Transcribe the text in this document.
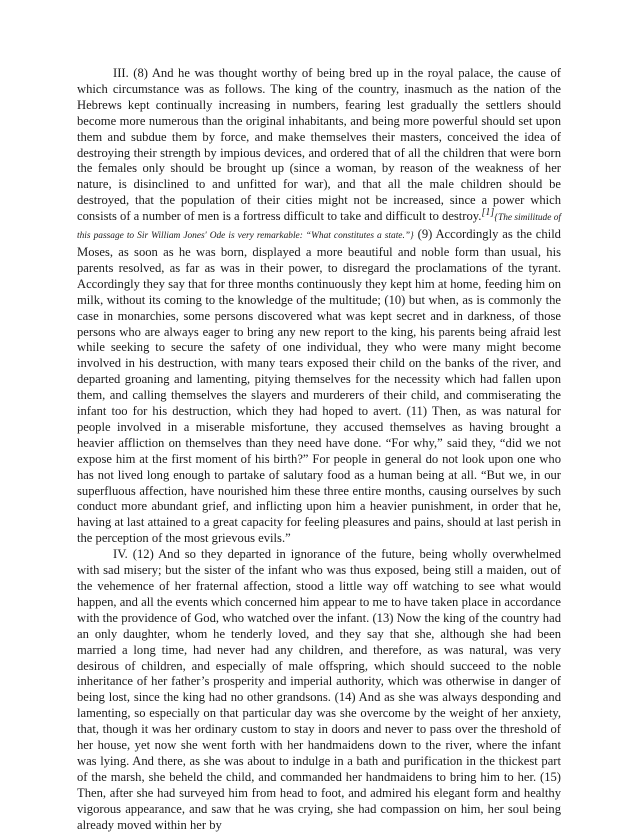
III. (8) And he was thought worthy of being bred up in the royal palace, the cause of which circumstance was as follows. The king of the country, inasmuch as the nation of the Hebrews kept continually increasing in numbers, fearing lest gradually the settlers should become more numerous than the original inhabitants, and being more powerful should set upon them and subdue them by force, and make themselves their masters, conceived the idea of destroying their strength by impious devices, and ordered that of all the children that were born the females only should be brought up (since a woman, by reason of the weakness of her nature, is disinclined to and unfitted for war), and that all the male children should be destroyed, that the population of their cities might not be increased, since a power which consists of a number of men is a fortress difficult to take and difficult to destroy.[1]{The similitude of this passage to Sir William Jones' Ode is very remarkable: “What constitutes a state.”} (9) Accordingly as the child Moses, as soon as he was born, displayed a more beautiful and noble form than usual, his parents resolved, as far as was in their power, to disregard the proclamations of the tyrant. Accordingly they say that for three months continuously they kept him at home, feeding him on milk, without its coming to the knowledge of the multitude; (10) but when, as is commonly the case in monarchies, some persons discovered what was kept secret and in darkness, of those persons who are always eager to bring any new report to the king, his parents being afraid lest while seeking to secure the safety of one individual, they who were many might become involved in his destruction, with many tears exposed their child on the banks of the river, and departed groaning and lamenting, pitying themselves for the necessity which had fallen upon them, and calling themselves the slayers and murderers of their child, and commiserating the infant too for his destruction, which they had hoped to avert. (11) Then, as was natural for people involved in a miserable misfortune, they accused themselves as having brought a heavier affliction on themselves than they need have done. “For why,” said they, “did we not expose him at the first moment of his birth?” For people in general do not look upon one who has not lived long enough to partake of salutary food as a human being at all. “But we, in our superfluous affection, have nourished him these three entire months, causing ourselves by such conduct more abundant grief, and inflicting upon him a heavier punishment, in order that he, having at last attained to a great capacity for feeling pleasures and pains, should at last perish in the perception of the most grievous evils.”

IV. (12) And so they departed in ignorance of the future, being wholly overwhelmed with sad misery; but the sister of the infant who was thus exposed, being still a maiden, out of the vehemence of her fraternal affection, stood a little way off watching to see what would happen, and all the events which concerned him appear to me to have taken place in accordance with the providence of God, who watched over the infant. (13) Now the king of the country had an only daughter, whom he tenderly loved, and they say that she, although she had been married a long time, had never had any children, and therefore, as was natural, was very desirous of children, and especially of male offspring, which should succeed to the noble inheritance of her father’s prosperity and imperial authority, which was otherwise in danger of being lost, since the king had no other grandsons. (14) And as she was always desponding and lamenting, so especially on that particular day was she overcome by the weight of her anxiety, that, though it was her ordinary custom to stay in doors and never to pass over the threshold of her house, yet now she went forth with her handmaidens down to the river, where the infant was lying. And there, as she was about to indulge in a bath and purification in the thickest part of the marsh, she beheld the child, and commanded her handmaidens to bring him to her. (15) Then, after she had surveyed him from head to foot, and admired his elegant form and healthy vigorous appearance, and saw that he was crying, she had compassion on him, her soul being already moved within her by
